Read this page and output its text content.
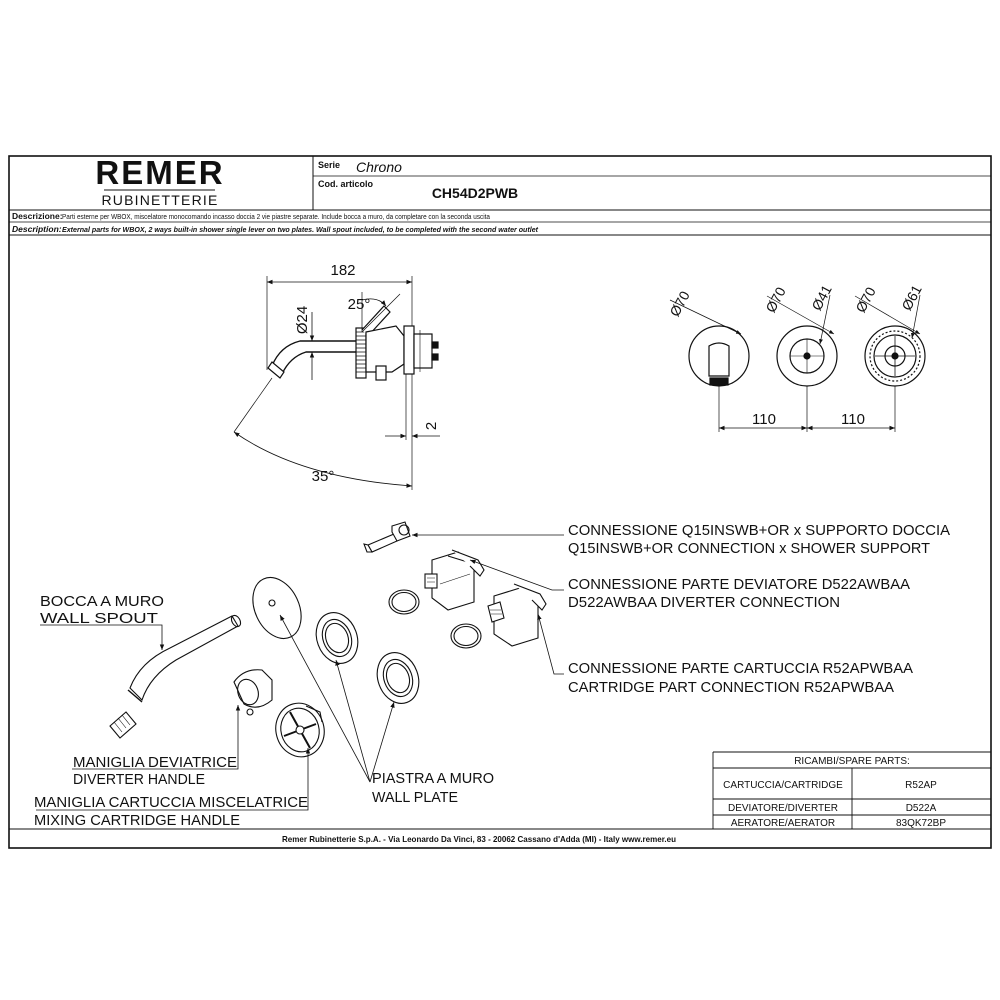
REMER
RUBINETTERIE
Serie Chrono
Cod. articolo
CH54D2PWB
Descrizione: Parti esterne per WBOX, miscelatore monocomando incasso doccia 2 vie piastre separate. Include bocca a muro, da completare con la seconda uscita
Description: External parts for WBOX, 2 ways built-in shower single lever on two plates. Wall spout included, to be completed with the second water outlet
182
Ø24
25°
2
35°
Ø70	Ø70 Ø41 Ø70 Ø61
110	110
CONNESSIONE Q15INSWB+OR x SUPPORTO DOCCIA
Q15INSWB+OR CONNECTION x SHOWER SUPPORT
CONNESSIONE PARTE DEVIATORE D522AWBAA
D522AWBAA DIVERTER CONNECTION
CONNESSIONE PARTE CARTUCCIA R52APWBAA
CARTRIDGE PART CONNECTION R52APWBAA
BOCCA A MURO
WALL SPOUT
MANIGLIA DEVIATRICE
DIVERTER HANDLE
MANIGLIA CARTUCCIA MISCELATRICE
MIXING CARTRIDGE HANDLE
PIASTRA A MURO
WALL PLATE
RICAMBI/SPARE PARTS:
CARTUCCIA/CARTRIDGE	R52AP
DEVIATORE/DIVERTER	D522A
AERATORE/AERATOR	83QK72BP
Remer Rubinetterie S.p.A. - Via Leonardo Da Vinci, 83 - 20062 Cassano d'Adda (MI) - Italy www.remer.eu
